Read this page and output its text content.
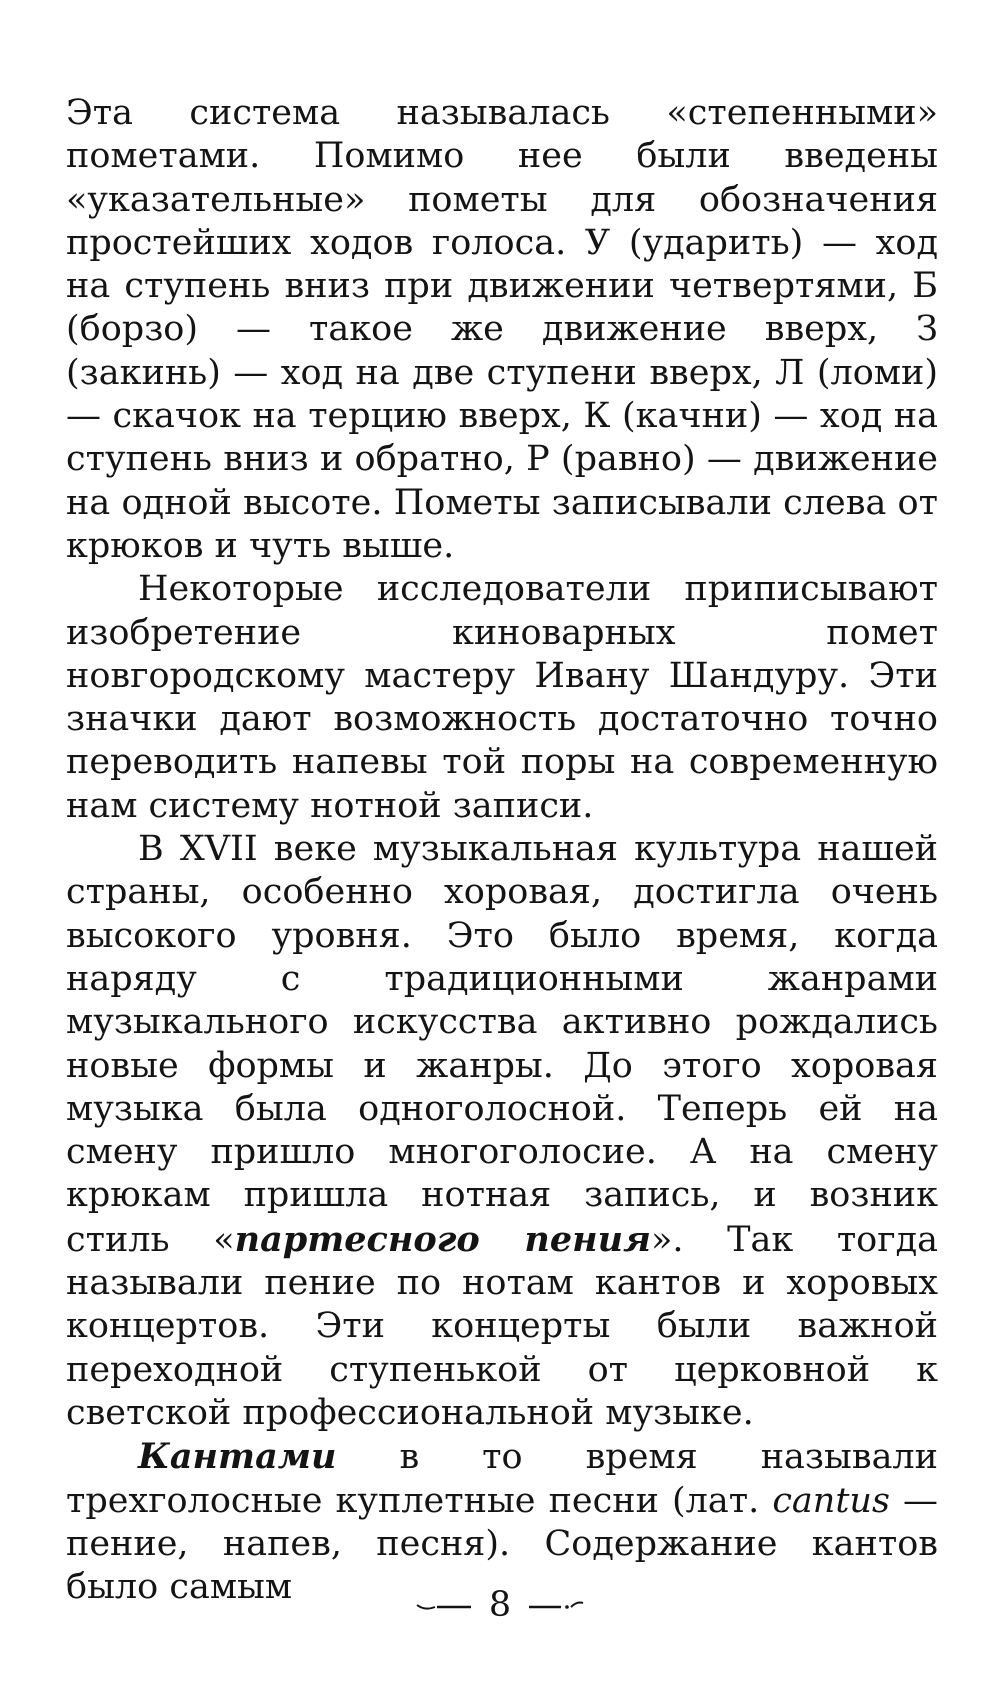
Эта система называлась «степенными» пометами. Помимо нее были введены «указательные» пометы для обозначения простейших ходов голоса. У (ударить) — ход на ступень вниз при движении четвертями, Б (борзо) — такое же движение вверх, З (закинь) — ход на две ступени вверх, Л (ломи) — скачок на терцию вверх, К (качни) — ход на ступень вниз и обратно, Р (равно) — движение на одной высоте. Пометы записывали слева от крюков и чуть выше.

Некоторые исследователи приписывают изобретение киноварных помет новгородскому мастеру Ивану Шандуру. Эти значки дают возможность достаточно точно переводить напевы той поры на современную нам систему нотной записи.

В XVII веке музыкальная культура нашей страны, особенно хоровая, достигла очень высокого уровня. Это было время, когда наряду с традиционными жанрами музыкального искусства активно рождались новые формы и жанры. До этого хоровая музыка была одноголосной. Теперь ей на смену пришло многоголосие. А на смену крюкам пришла нотная запись, и возник стиль «партесного пения». Так тогда называли пение по нотам кантов и хоровых концертов. Эти концерты были важной переходной ступенькой от церковной к светской профессиональной музыке.

Кантами в то время называли трехголосные куплетные песни (лат. cantus — пение, напев, песня). Содержание кантов было самым	8
